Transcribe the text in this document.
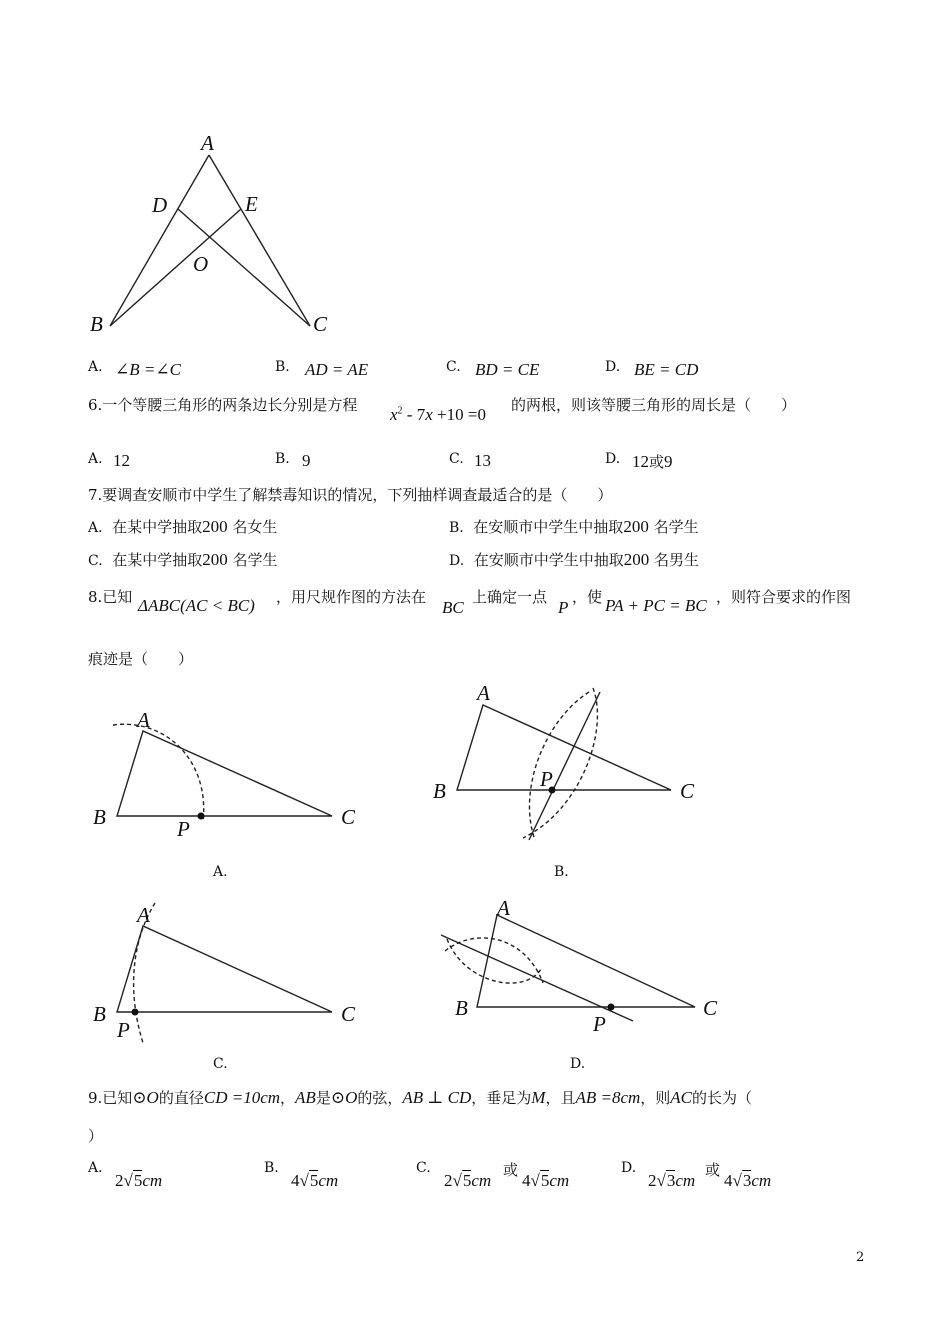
A
D	E
O
B	C
A. ∠B =∠C	B. AD = AE	C. BD = CE	D. BE = CD
6.一个等腰三角形的两条边长分别是方程 $x^2 - 7x +10 =0$ 的两根，则该等腰三角形的周长是（　　）
A. 12	B. 9	C. 13	D. 12或9
7.要调查安顺市中学生了解禁毒知识的情况，下列抽样调查最适合的是（　　）
A. 在某中学抽取200 名女生	B. 在安顺市中学生中抽取200 名学生
C. 在某中学抽取200 名学生	D. 在安顺市中学生中抽取200 名男生
8.已知 ΔABC(AC < BC) ，用尺规作图的方法在
BC
上确定一点
P
，使 PA + PC = BC ，则符合要求的作图
痕迹是（　　）
A
B	C
P
A.
A
B	C
P
B.
A
B	C
P
C.
A
B	C
P
D.
9.已知⊙O的直径CD =10cm，AB是⊙O的弦，AB ⊥ CD，垂足为M，且AB =8cm，则AC的长为（
）
A.
2√5cm
B.
4√5cm
C.
2√5cm
或
4√5cm
D.
2√3cm
或
4√3cm
2
